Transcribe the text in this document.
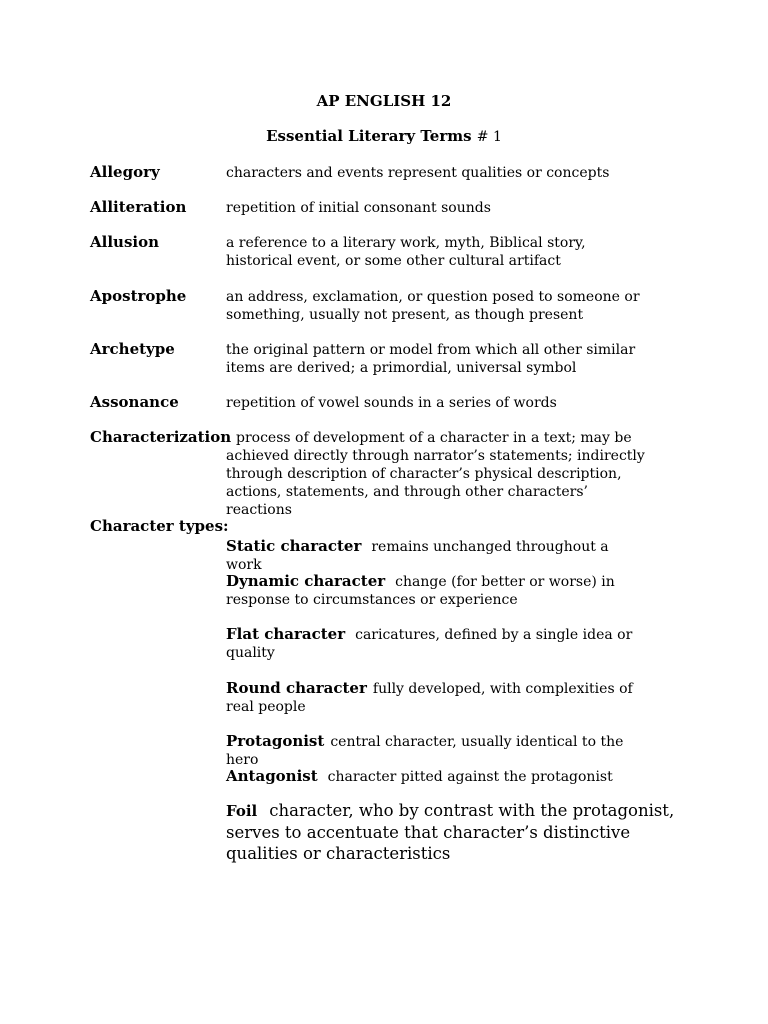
AP ENGLISH 12
Essential Literary Terms # 1
Allegory	characters and events represent qualities or concepts
Alliteration	repetition of initial consonant sounds
Allusion	a reference to a literary work, myth, Biblical story, historical event, or some other cultural artifact
Apostrophe	an address, exclamation, or question posed to someone or something, usually not present, as though present
Archetype	the original pattern or model from which all other similar items are derived; a primordial, universal symbol
Assonance	repetition of vowel sounds in a series of words
Characterization process of development of a character in a text; may be achieved directly through narrator’s statements; indirectly through description of character’s physical description, actions, statements, and through other characters’ reactions
Character types:
Static character remains unchanged throughout a work
Dynamic character change (for better or worse) in response to circumstances or experience
Flat character caricatures, defined by a single idea or quality
Round character fully developed, with complexities of real people
Protagonist central character, usually identical to the hero
Antagonist character pitted against the protagonist
Foil character, who by contrast with the protagonist, serves to accentuate that character’s distinctive qualities or characteristics
